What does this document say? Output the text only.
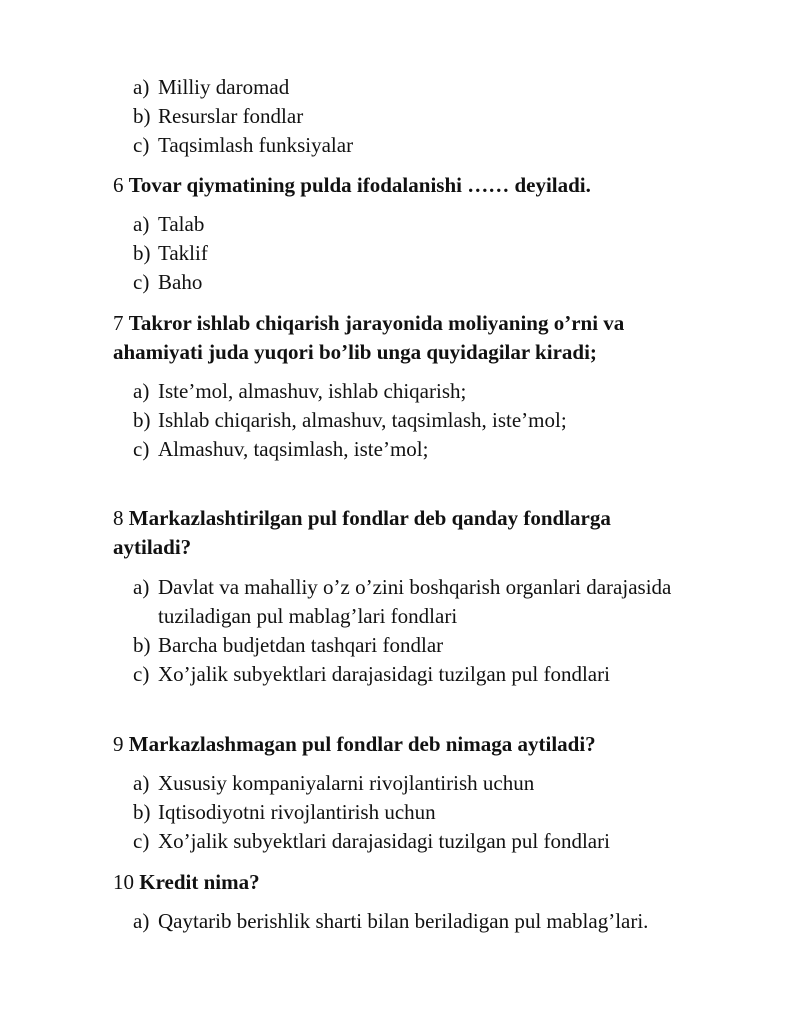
a) Milliy daromad
b) Resurslar fondlar
c) Taqsimlash funksiyalar
6 Tovar qiymatining pulda ifodalanishi …… deyiladi.
a) Talab
b) Taklif
c) Baho
7 Takror ishlab chiqarish jarayonida moliyaning o’rni va
ahamiyati juda yuqori bo’lib unga quyidagilar kiradi;
a) Iste’mol, almashuv, ishlab chiqarish;
b) Ishlab chiqarish, almashuv, taqsimlash, iste’mol;
c) Almashuv, taqsimlash, iste’mol;
8 Markazlashtirilgan pul fondlar deb qanday fondlarga
aytiladi?
a) Davlat va mahalliy o’z o’zini boshqarish organlari darajasida
tuziladigan pul mablag’lari fondlari
b) Barcha budjetdan tashqari fondlar
c) Xo’jalik subyektlari darajasidagi tuzilgan pul fondlari
9 Markazlashmagan pul fondlar deb nimaga aytiladi?
a) Xususiy kompaniyalarni rivojlantirish uchun
b) Iqtisodiyotni rivojlantirish uchun
c) Xo’jalik subyektlari darajasidagi tuzilgan pul fondlari
10 Kredit nima?
a) Qaytarib berishlik sharti bilan beriladigan pul mablag’lari.
